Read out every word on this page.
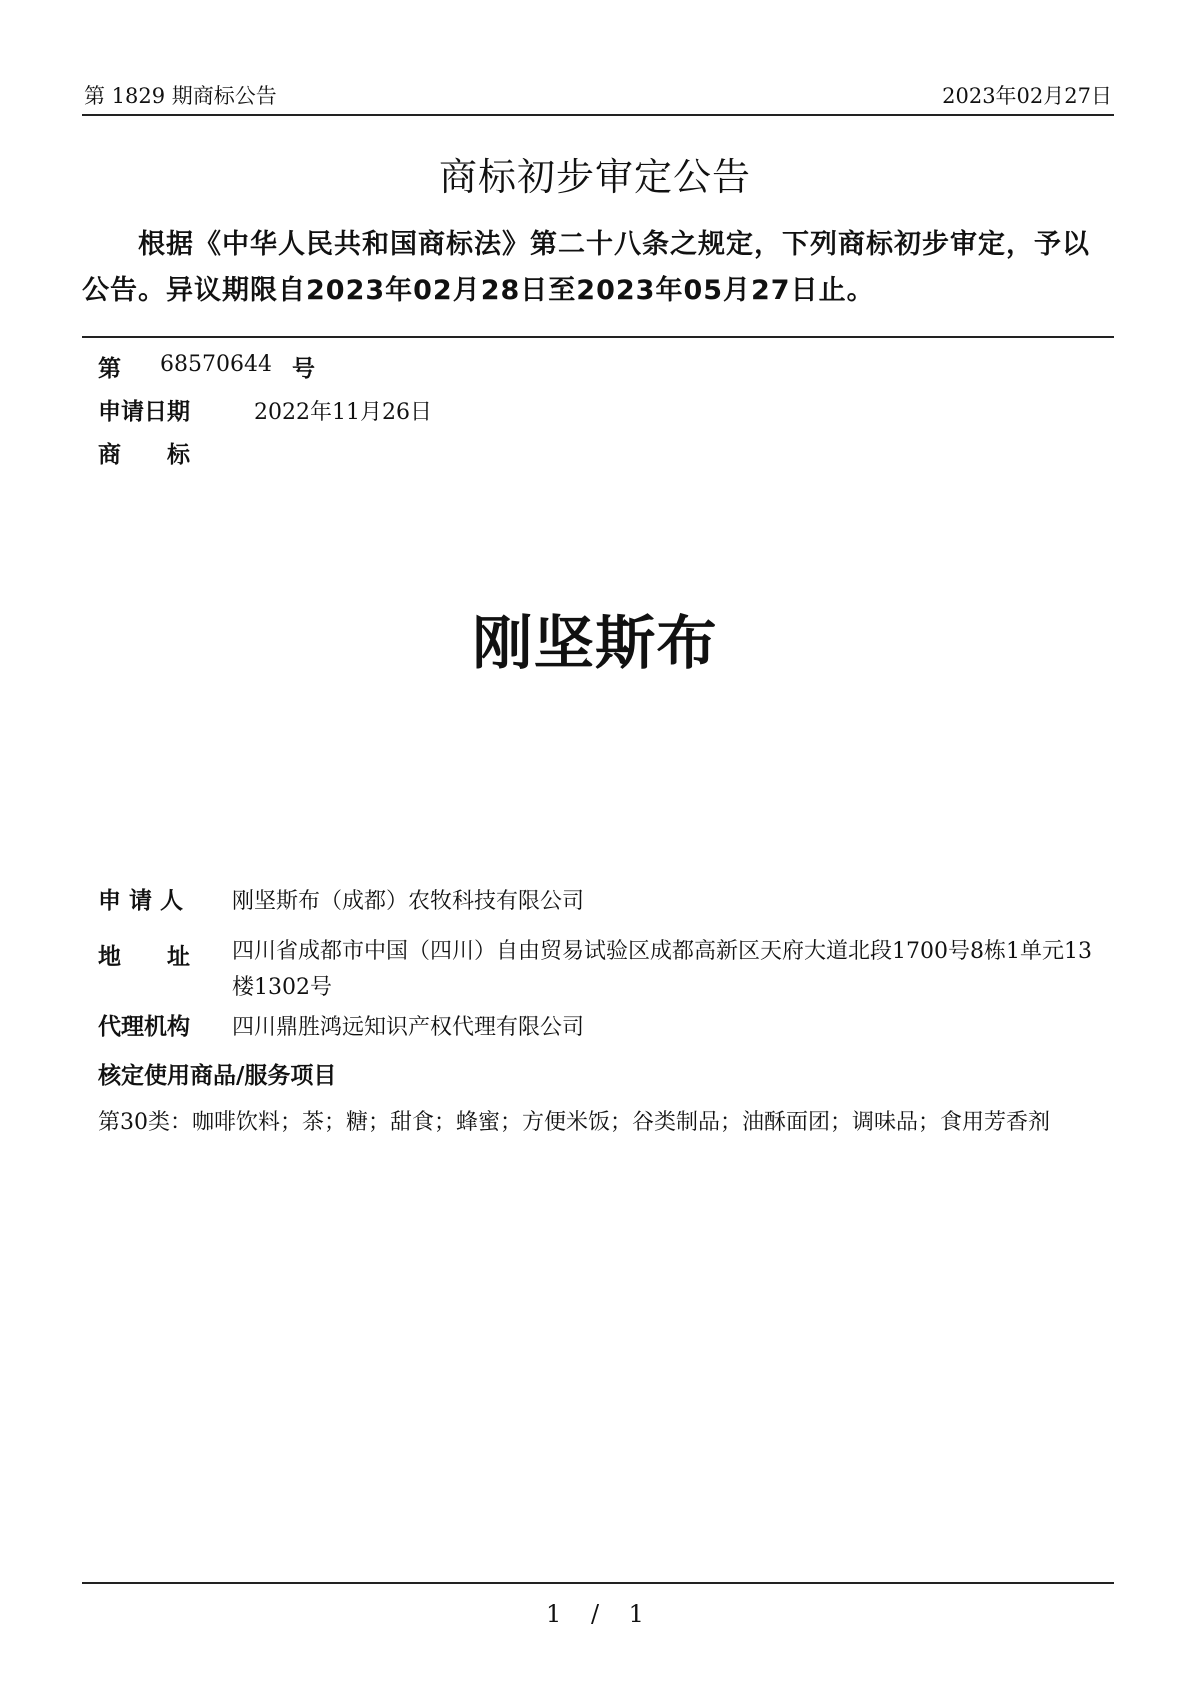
第 1829 期商标公告	2023年02月27日
商标初步审定公告
根据《中华人民共和国商标法》第二十八条之规定，下列商标初步审定，予以公告。异议期限自2023年02月28日至2023年05月27日止。
第 68570644 号
申请日期	2022年11月26日
商　　标
刚坚斯布
申 请 人 刚坚斯布（成都）农牧科技有限公司
地　　址 四川省成都市中国（四川）自由贸易试验区成都高新区天府大道北段1700号8栋1单元13楼1302号
代理机构 四川鼎胜鸿远知识产权代理有限公司
核定使用商品/服务项目
第30类：咖啡饮料；茶；糖；甜食；蜂蜜；方便米饭；谷类制品；油酥面团；调味品；食用芳香剂
1 / 1
